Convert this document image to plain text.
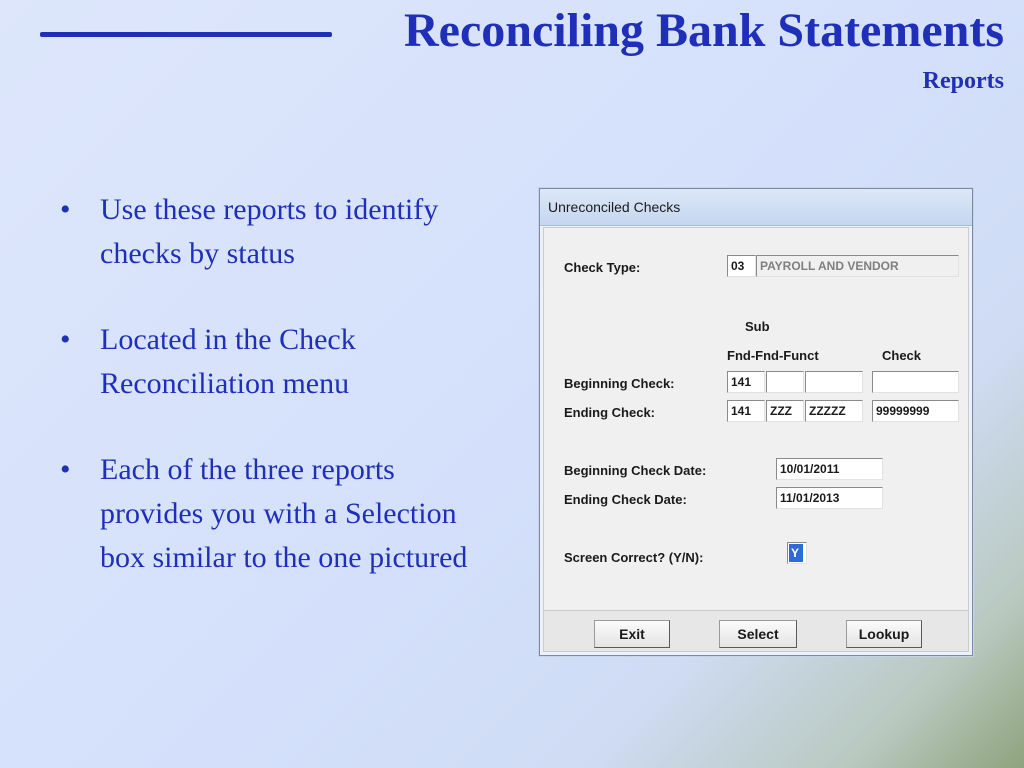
Reconciling Bank Statements
Reports
• Use these reports to identify checks by status
• Located in the Check Reconciliation menu
• Each of the three reports provides you with a Selection box similar to the one pictured
Unreconciled Checks
Check Type:	03	PAYROLL AND VENDOR
Sub
Fnd-Fnd-Funct	Check
Beginning Check:	141
Ending Check:	141	ZZZ	ZZZZZ	99999999
Beginning Check Date:	10/01/2011
Ending Check Date:	11/01/2013
Screen Correct? (Y/N):	Y
Exit	Select	Lookup
